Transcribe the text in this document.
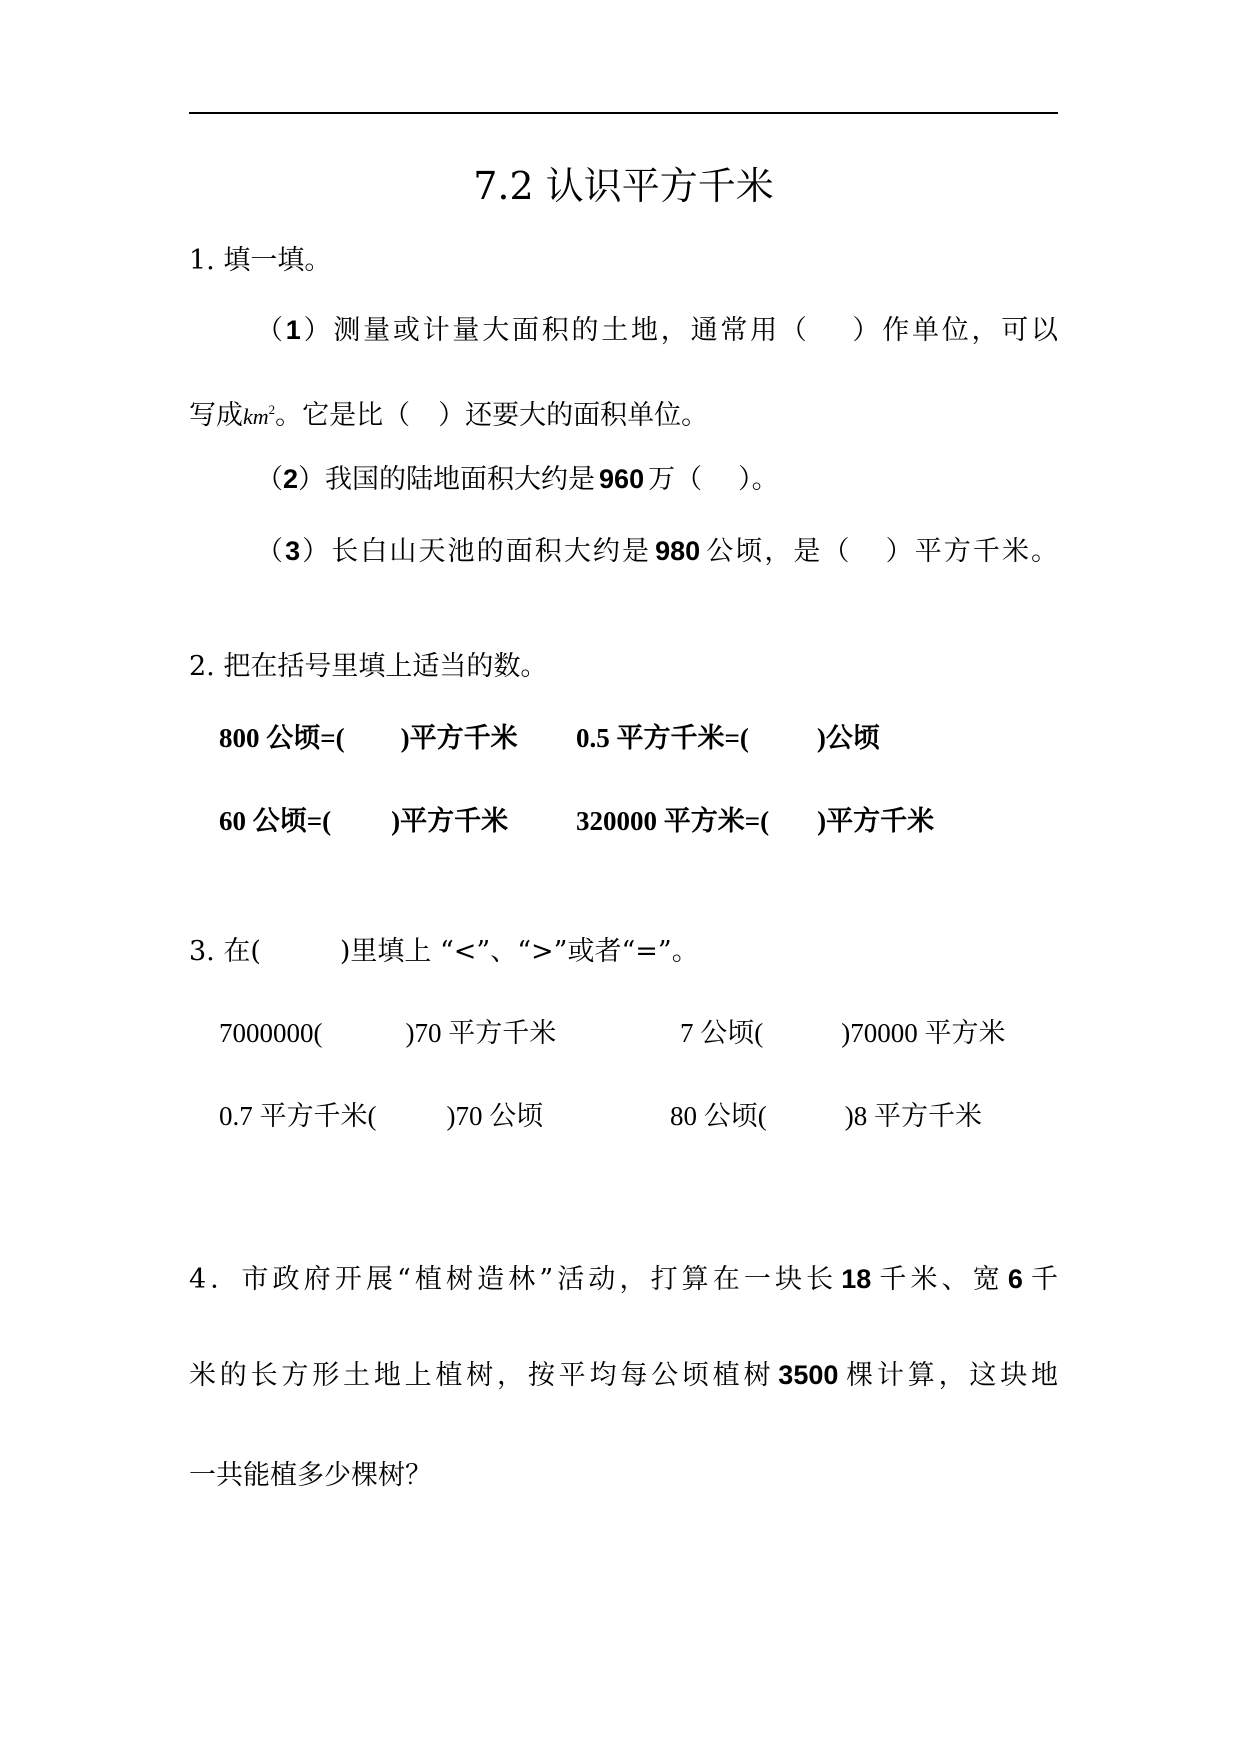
7.2 认识平方千米
1. 填一填。
（1）测量或计量大面积的土地，通常用（ ）作单位，可以
写成$km^2$。它是比（ ）还要大的面积单位。
（2）我国的陆地面积大约是 960 万（ ）。
（3）长白山天池的面积大约是 980 公顷，是（ ）平方千米。
2. 把在括号里填上适当的数。
800 公顷=( )平方千米 0.5 平方千米=(	)公顷
60 公顷=( )平方千米	320000 平方米=( )平方千米
3. 在(	)里填上 “<”、“>”或者“=”。
7000000(	)70 平方千米	7 公顷(	)70000 平方米
0.7 平方千米(	)70 公顷	80 公顷(	)8 平方千米
4．市政府开展“植树造林”活动，打算在一块长 18 千米、宽 6 千
米的长方形土地上植树，按平均每公顷植树 3500 棵计算，这块地
一共能植多少棵树？
